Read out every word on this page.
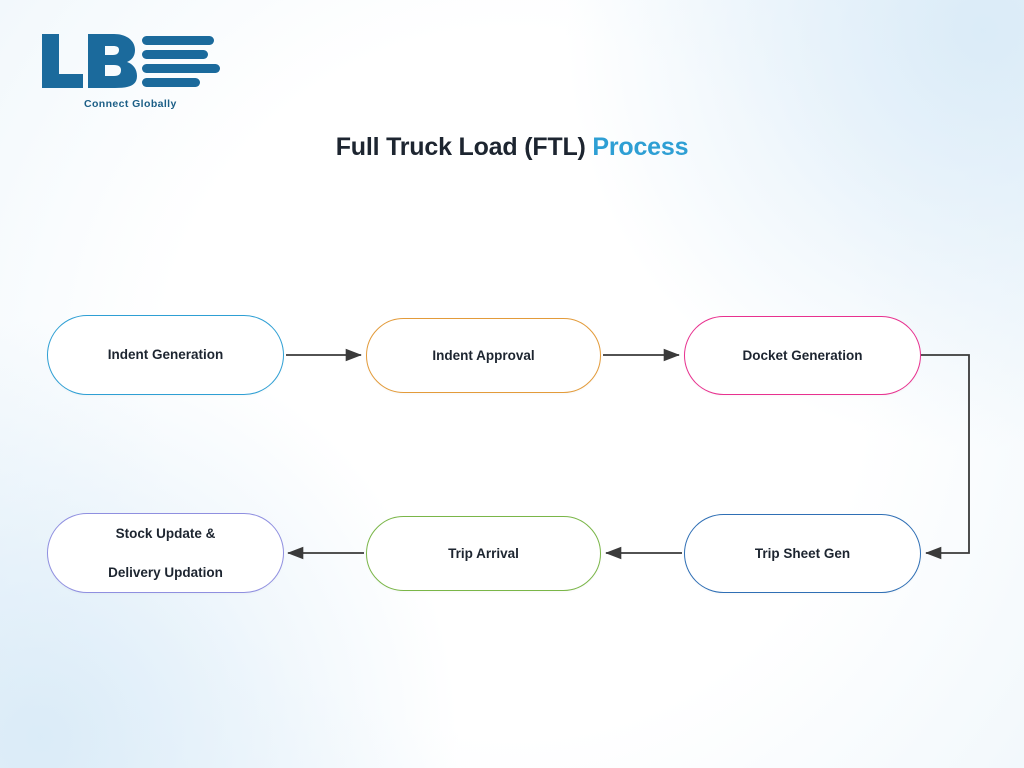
Connect Globally
Full Truck Load (FTL) Process
Indent Generation	Indent Approval	Docket Generation
Trip Sheet Gen
Trip Arrival
Stock Update &

Delivery Updation
